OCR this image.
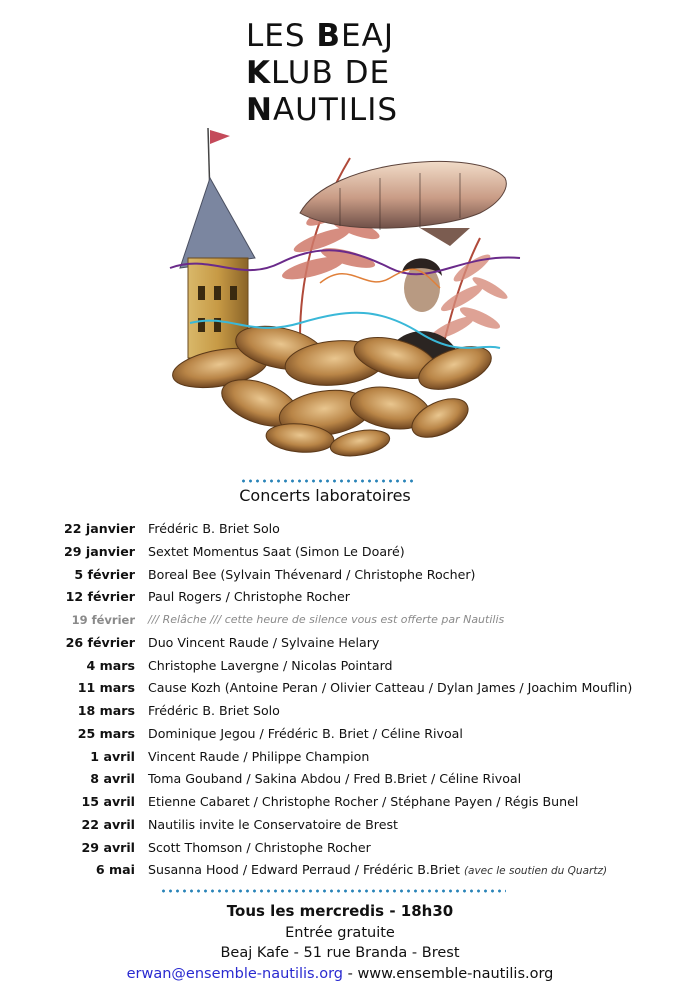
LES BEAJ
KLUB DE
NAUTILIS
Concerts laboratoires
22 janvier Frédéric B. Briet Solo
29 janvier Sextet Momentus Saat (Simon Le Doaré)
5 février Boreal Bee (Sylvain Thévenard / Christophe Rocher)
12 février Paul Rogers / Christophe Rocher
19 février /// Relâche /// cette heure de silence vous est offerte par Nautilis
26 février Duo Vincent Raude / Sylvaine Helary
4 mars Christophe Lavergne / Nicolas Pointard
11 mars Cause Kozh (Antoine Peran / Olivier Catteau / Dylan James / Joachim Mouflin)
18 mars Frédéric B. Briet Solo
25 mars Dominique Jegou / Frédéric B. Briet / Céline Rivoal
1 avril Vincent Raude / Philippe Champion
8 avril Toma Gouband / Sakina Abdou / Fred B.Briet / Céline Rivoal
15 avril Etienne Cabaret / Christophe Rocher / Stéphane Payen / Régis Bunel
22 avril Nautilis invite le Conservatoire de Brest
29 avril Scott Thomson / Christophe Rocher
6 mai Susanna Hood / Edward Perraud / Frédéric B.Briet (avec le soutien du Quartz)
Tous les mercredis - 18h30
Entrée gratuite
Beaj Kafe - 51 rue Branda - Brest
erwan@ensemble-nautilis.org - www.ensemble-nautilis.org
